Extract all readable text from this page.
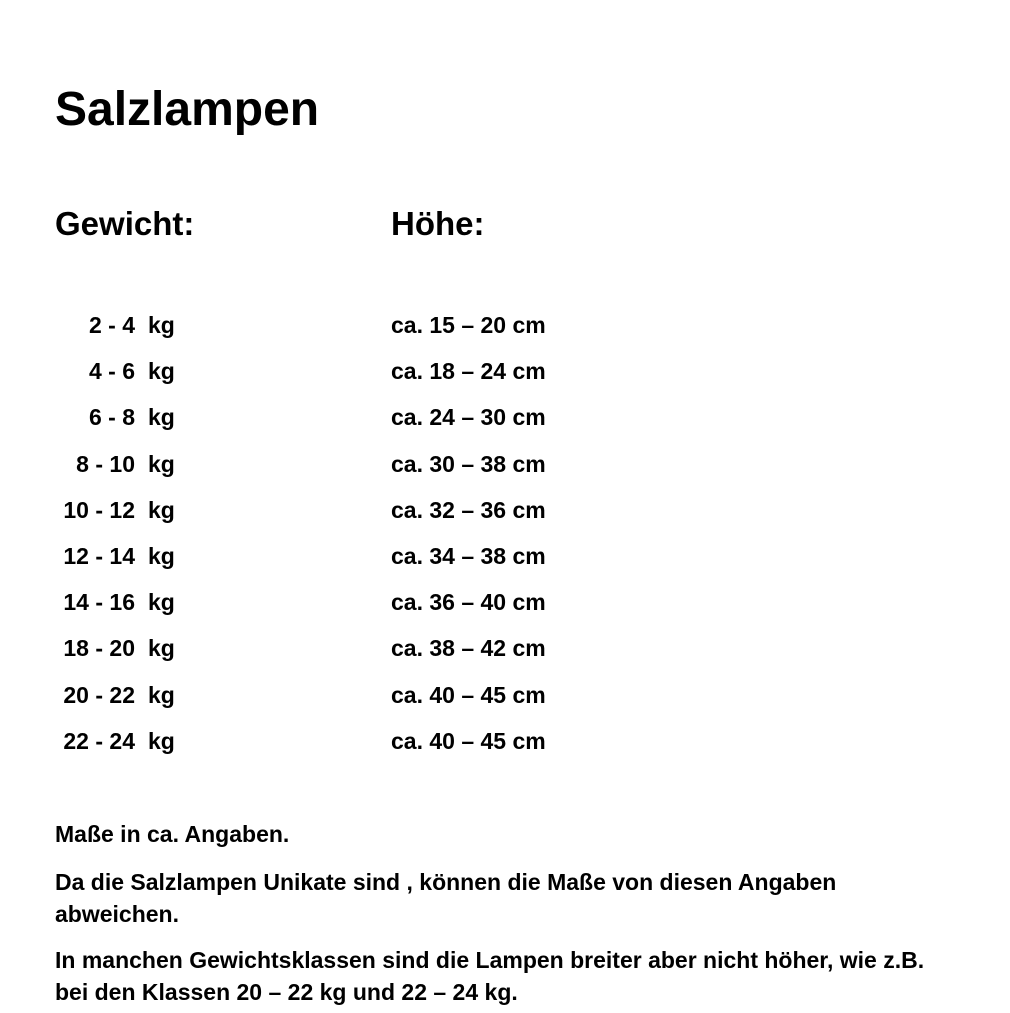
Salzlampen
Gewicht:	Höhe:
2 - 4 kg	ca. 15 – 20 cm
4 - 6 kg	ca. 18 – 24 cm
6 - 8 kg	ca. 24 – 30 cm
8 - 10 kg	ca. 30 – 38 cm
10 - 12 kg	ca. 32 – 36 cm
12 - 14 kg	ca. 34 – 38 cm
14 - 16 kg	ca. 36 – 40 cm
18 - 20 kg	ca. 38 – 42 cm
20 - 22 kg	ca. 40 – 45 cm
22 - 24 kg	ca. 40 – 45 cm

Maße in ca. Angaben.

Da die Salzlampen Unikate sind , können die Maße von diesen Angaben abweichen.

In manchen Gewichtsklassen sind die Lampen breiter aber nicht höher, wie z.B. bei den Klassen 20 – 22 kg und 22 – 24 kg.
